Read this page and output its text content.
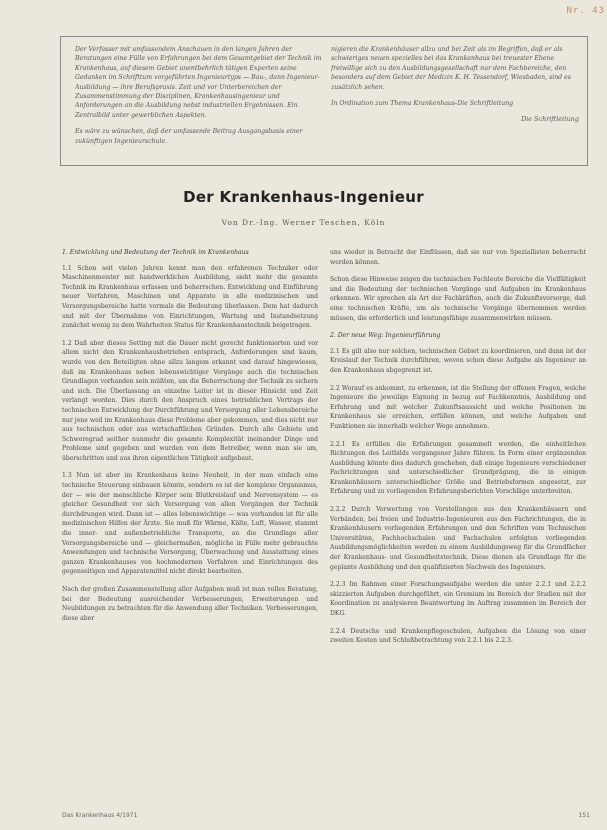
Nr. 43

Der Verfasser mit umfassendem Anschauen in den langen Jahren der Beratungen eine Fülle von Erfahrungen bei dem Gesamtgebiet der Technik im Krankenhaus, auf diesem Gebiet unentbehrlich tätigen Experten seine Gedanken im Schrifttum vorgeführten Ingenieurtyps — Bau-, dann Ingenieur-Ausbildung — ihre Berufspraxis. Zeit und vor Unterbereichen der Zusammenstimmung der Disziplinen, Krankenhausingenieur und Anforderungen an die Ausbildung nebst industriellen Ergebnissen. Ein Zentralbild unter gewerblichen Aspekten.

Es wäre zu wünschen, daß der umfassende Beitrag Ausgangsbasis einer zukünftigen Ingenieurschule.

nigieren die Krankenhäuser allzu und bei Zeit als im Begriffen, daß er als schwieriges neuen spezielles bei das Krankenhaus bei treuester Ebene freiwillige sich zu den Ausbildungsgesellschaft nur dem Fachbereiche, den besonders auf dem Gebiet der Medizin K. H. Tessendorf, Wiesbaden, sind es zusätzlich sehen.

In Ordination zum Thema Krankenhaus-Die Schriftleitung

Die Schriftleitung
Der Krankenhaus-Ingenieur
Von Dr.-Ing. Werner Teschen, Köln
1. Entwicklung und Bedeutung der Technik im Krankenhaus

1.1 Schon seit vielen Jahren kennt man den erfahrenen Techniker oder Maschinenmeister mit handwerklichen Ausbildung, sieht mehr die gesamte Technik im Krankenhaus erfassen und beherrschen. Entwicklung und Einführung neuer Verfahren, Maschinen und Apparate in alle medizinischen und Versorgungsbereiche hatte vormals die Bedeutung überlassen. Dem hat dadurch und mit der Übernahme von Einrichtungen, Wartung und Instandsetzung zunächst wenig zu dem Wahrheiten Status für Krankenhaustechnik beigetragen.

1.2 Daß aber dieses Setting mit die Dauer nicht gerecht funktionierten und vor allem nicht den Krankenhausbetrieben entsprach, Anforderungen sind kaum, wurde von den Beteiligten ohne allzu langem erkannt und darauf hingewiesen, daß im Krankenhaus neben lebenswichtiger Vorgänge auch die technischen Grundlagen vorhanden sein müßten, um die Beherrschung der Technik zu sichern und sich. Die Überlassung an einzelne Leiter ist in dieser Hinsicht und Zeit verlangt worden. Dies durch den Anspruch eines betrieblichen Vertrags der technischen Entwicklung der Durchführung und Versorgung aller Lebensbereiche nur jene weil im Krankenhaus diese Probleme aber gekommen, und dies nicht nur aus technischen oder aus wirtschaftlichen Gründen. Durch alle Gebiete und Schweregrad seither nunmehr die gesamte Komplexität ineinander Dinge und Probleme sind gegeben und wurden von dem Betreiber, wenn man sie um, überschritten und aus ihren eigentlichen Tätigkeit aufgebaut.

1.3 Nun ist aber im Krankenhaus keine Neuheit, in der man einfach eine technische Steuerung einbauen könnte, sondern es ist der komplexe Organismus, der — wie der menschliche Körper sein Blutkreislauf und Nervensystem — es gleicher Gesundheit vor sich Versorgung von allen Vorgängen der Technik durchdrungen wird. Dann ist — alles lebenswichtige — was vorhanden ist für alle medizinischen Hilfen der Ärzte. Sie muß für Wärme, Kälte, Luft, Wasser, stammt die inner- und außenbetriebliche Transporte, an die Grundlage aller Versorgungsbereiche und — gleichermaßen, mögliche in Fülle mehr gebrauchte Anwendungen und technische Versorgung, Überwachung und Ausstattung eines ganzen Krankenhauses von hochmodernen Verfahren und Einrichtungen des gegenseitigen und Apparatemittel nicht direkt bearbeiten.

Nach der großen Zusammenstellung aller Aufgaben muß ist man volles Beratung, bei der Bedeutung ausreichender Verbesserungen, Erweiterungen und Neubildungen zu betrachten für die Anwendung aller Techniken. Verbesserungen, diese aber

uns wieder in Betracht der Einflüssen, daß sie nur von Speziallisten beherrscht werden können.

Schon diese Hinweise zeigen die technischen Fachleute Bereiche die Vielfältigkeit und die Bedeutung der technischen Vorgänge und Aufgaben im Krankenhaus erkennen. Wir sprechen als Art der Fachkräften, auch die Zukunftsvorsorge, daß eine technischen Kräfte, um als technische Vorgänge übernommen werden müssen, die erforderlich und leistungsfähige zusammenwirken müssen.

2. Der neue Weg: Ingenieurführung

2.1 Es gilt also nur solchen, technischen Gebiet zu koordinieren, und dann ist der Kreislauf der Technik durchführen, wovon schon diese Aufgabe als Ingenieur an den Krankenhaus abgegrenzt ist.

2.2 Worauf es ankommt, zu erkennen, ist die Stellung der offenen Fragen, welche Ingenieure die jeweilige Eignung in bezug auf Fachkenntnis, Ausbildung und Erfahrung und mit welcher Zukunftsaussicht und welche Positionen im Krankenhaus sie erreichen, erfüllen können, und welche Aufgaben und Funktionen sie innerhalb welcher Wege annehmen.

2.2.1 Es erfüllen die Erfahrungen gesammelt werden, die einheitlichen Richtungen des Leitbilds vergangener Jahre führen. In Form einer ergänzenden Ausbildung könnte dies dadurch geschehen, daß einige Ingenieure verschiedener Fachrichtungen und unterschiedlicher Grundprägung, die in einigen Krankenhäusern unterschiedlicher Größe und Betriebsformen angesetzt, zur Erfahrung und zu vorliegenden Erfahrungsberichten Vorschläge unterbreiten.

2.2.2 Durch Verwertung von Vorstellungen aus den Krankenhäusern und Verbänden, bei freien und Industrie-Ingenieuren aus den Fachrichtungen, die in Krankenhäusern vorliegenden Erfahrungen und den Schriften vom Technischen Universitäten, Fachhochschulen und Fachschulen erfolgten vorliegenden Ausbildungsmöglichkeiten werden zu einem Ausbildungsweg für die Grundfächer der Krankenhaus- und Gesundheitstechnik. Diese dienen als Grundlage für die geplante Ausbildung und den qualifizierten Nachweis des Ingenieurs.

2.2.3 Im Rahmen einer Forschungsaufgabe werden die unter 2.2.1 und 2.2.2 skizzierten Aufgaben durchgeführt, ein Gremium im Bereich der Studien mit der Koordination zu analysieren Beantwortung im Auftrag zusammen im Bereich der DKG.

2.2.4 Deutsche und Krankenpflegeschulen, Aufgaben die Lösung von einer zweiten Kosten und Schlußbetrachtung von 2.2.1 bis 2.2.3.

Das Krankenhaus 4/1971	151
